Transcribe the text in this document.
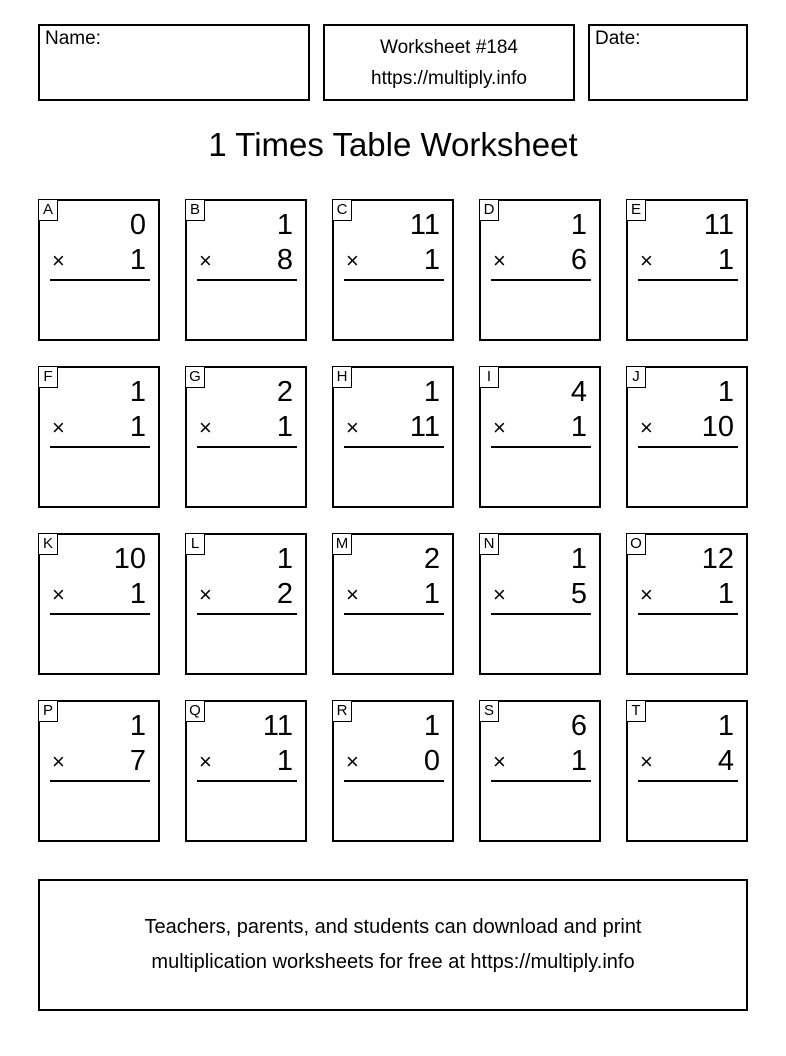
Name:	Worksheet #184
https://multiply.info
Date:
1 Times Table Worksheet
A	0
× 1
B	1
× 8
C 11
× 1
D	1
× 6
E 11
× 1
F	1
× 1
G	2
× 1
H	1
× 11
I	4
× 1
J	1
× 10
K 10
× 1
L	1
× 2
M	2
× 1
N	1
× 5
O 12
× 1
P	1
× 7
Q 11
× 1
R	1
× 0
S	6
× 1
T	1
× 4
Teachers, parents, and students can download and print
multiplication worksheets for free at https://multiply.info
